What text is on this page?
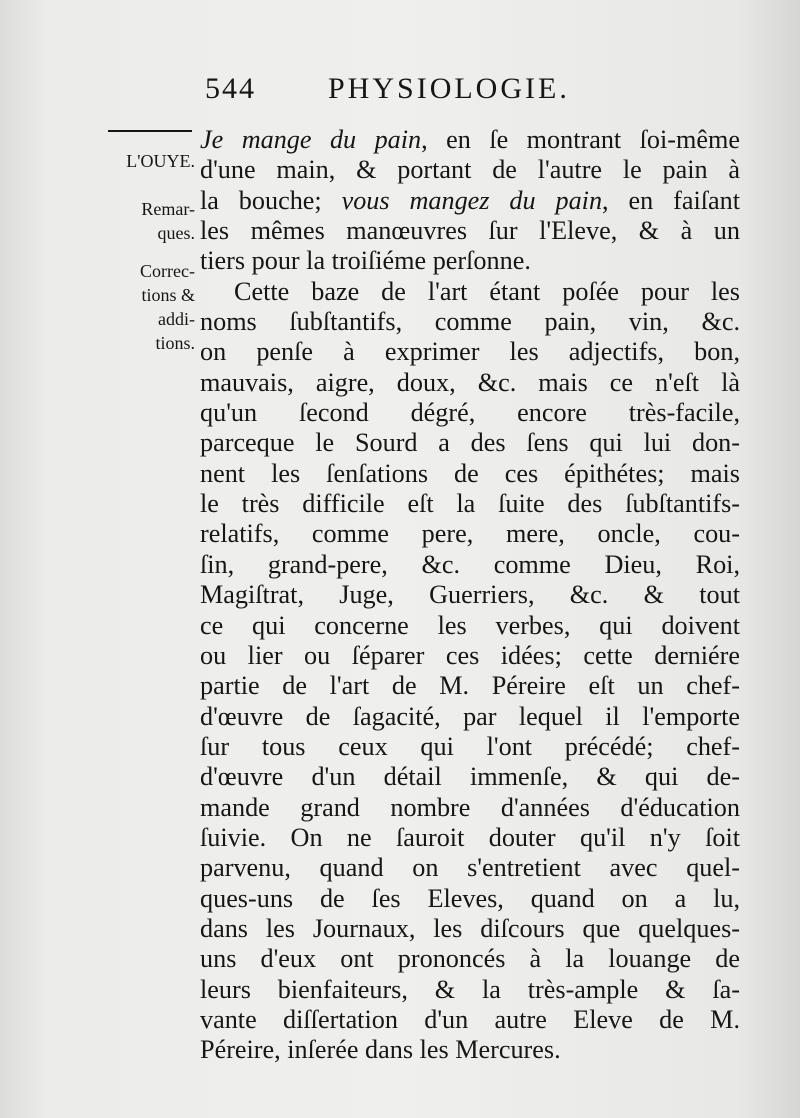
544 PHYSIOLOGIE.
L'OUYE.
Remar-
ques.
Correc-
tions &
addi-
tions.
Je mange du pain, en ſe montrant ſoi-même
d'une main, & portant de l'autre le pain à
la bouche; vous mangez du pain, en faiſant
les mêmes manœuvres ſur l'Eleve, & à un
tiers pour la troiſiéme perſonne.
Cette baze de l'art étant poſée pour les
noms ſubſtantifs, comme pain, vin, &c.
on penſe à exprimer les adjectifs, bon,
mauvais, aigre, doux, &c. mais ce n'eſt là
qu'un ſecond dégré, encore très-facile,
parceque le Sourd a des ſens qui lui don-
nent les ſenſations de ces épithétes; mais
le très difficile eſt la ſuite des ſubſtantifs-
relatifs, comme pere, mere, oncle, cou-
ſin, grand-pere, &c. comme Dieu, Roi,
Magiſtrat, Juge, Guerriers, &c. & tout
ce qui concerne les verbes, qui doivent
ou lier ou ſéparer ces idées; cette derniére
partie de l'art de M. Péreire eſt un chef-
d'œuvre de ſagacité, par lequel il l'emporte
ſur tous ceux qui l'ont précédé; chef-
d'œuvre d'un détail immenſe, & qui de-
mande grand nombre d'années d'éducation
ſuivie. On ne ſauroit douter qu'il n'y ſoit
parvenu, quand on s'entretient avec quel-
ques-uns de ſes Eleves, quand on a lu,
dans les Journaux, les diſcours que quelques-
uns d'eux ont prononcés à la louange de
leurs bienfaiteurs, & la très-ample & ſa-
vante diſſertation d'un autre Eleve de M.
Péreire, inſerée dans les Mercures.
